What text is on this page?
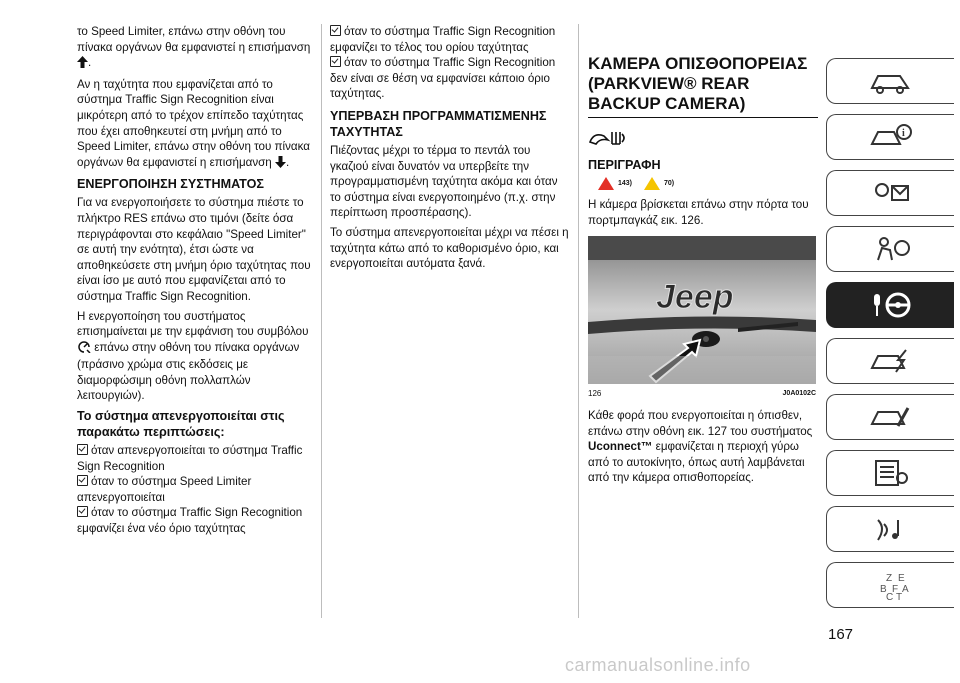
το Speed Limiter, επάνω στην οθόνη του πίνακα οργάνων θα εμφανιστεί η επισήμανση .

Αν η ταχύτητα που εμφανίζεται από το σύστημα Traffic Sign Recognition είναι μικρότερη από το τρέχον επίπεδο ταχύτητας που έχει αποθηκευτεί στη μνήμη από το Speed Limiter, επάνω στην οθόνη του πίνακα οργάνων θα εμφανιστεί η επισήμανση .

ΕΝΕΡΓΟΠΟΙΗΣΗ ΣΥΣΤΗΜΑΤΟΣ

Για να ενεργοποιήσετε το σύστημα πιέστε το πλήκτρο RES επάνω στο τιμόνι (δείτε όσα περιγράφονται στο κεφάλαιο "Speed Limiter" σε αυτή την ενότητα), έτσι ώστε να αποθηκεύσετε στη μνήμη όριο ταχύτητας που είναι ίσο με αυτό που εμφανίζεται από το σύστημα Traffic Sign Recognition.

Η ενεργοποίηση του συστήματος επισημαίνεται με την εμφάνιση του συμβόλου  επάνω στην οθόνη του πίνακα οργάνων (πράσινο χρώμα στις εκδόσεις με διαμορφώσιμη οθόνη πολλαπλών λειτουργιών).

Το σύστημα απενεργοποιείται στις παρακάτω περιπτώσεις:
όταν απενεργοποιείται το σύστημα Traffic Sign Recognition
όταν το σύστημα Speed Limiter απενεργοποιείται
όταν το σύστημα Traffic Sign Recognition εμφανίζει ένα νέο όριο ταχύτητας
όταν το σύστημα Traffic Sign Recognition εμφανίζει το τέλος του ορίου ταχύτητας
όταν το σύστημα Traffic Sign Recognition δεν είναι σε θέση να εμφανίσει κάποιο όριο ταχύτητας.
ΥΠΕΡΒΑΣΗ ΠΡΟΓΡΑΜΜΑΤΙΣΜΕΝΗΣ ΤΑΧΥΤΗΤΑΣ

Πιέζοντας μέχρι το τέρμα το πεντάλ του γκαζιού είναι δυνατόν να υπερβείτε την προγραμματισμένη ταχύτητα ακόμα και όταν το σύστημα είναι ενεργοποιημένο (π.χ. στην περίπτωση προσπέρασης).

Το σύστημα απενεργοποιείται μέχρι να πέσει η ταχύτητα κάτω από το καθορισμένο όριο, και ενεργοποιείται αυτόματα ξανά.

ΚΑΜΕΡΑ ΟΠΙΣΘΟΠΟΡΕΙΑΣ (PARKVIEW® REAR BACKUP CAMERA)
ΠΕΡΙΓΡΑΦΗ
143)	70)

Η κάμερα βρίσκεται επάνω στην πόρτα του πορτμπαγκάζ εικ. 126.

Jeep
126	J0A0102C

Κάθε φορά που ενεργοποιείται η όπισθεν, επάνω στην οθόνη εικ. 127 του συστήματος Uconnect™ εμφανίζεται η περιοχή γύρω από το αυτοκίνητο, όπως αυτή λαμβάνεται από την κάμερα οπισθοπορείας.

i
Z E
B F A
C T
167
carmanualsonline.info
